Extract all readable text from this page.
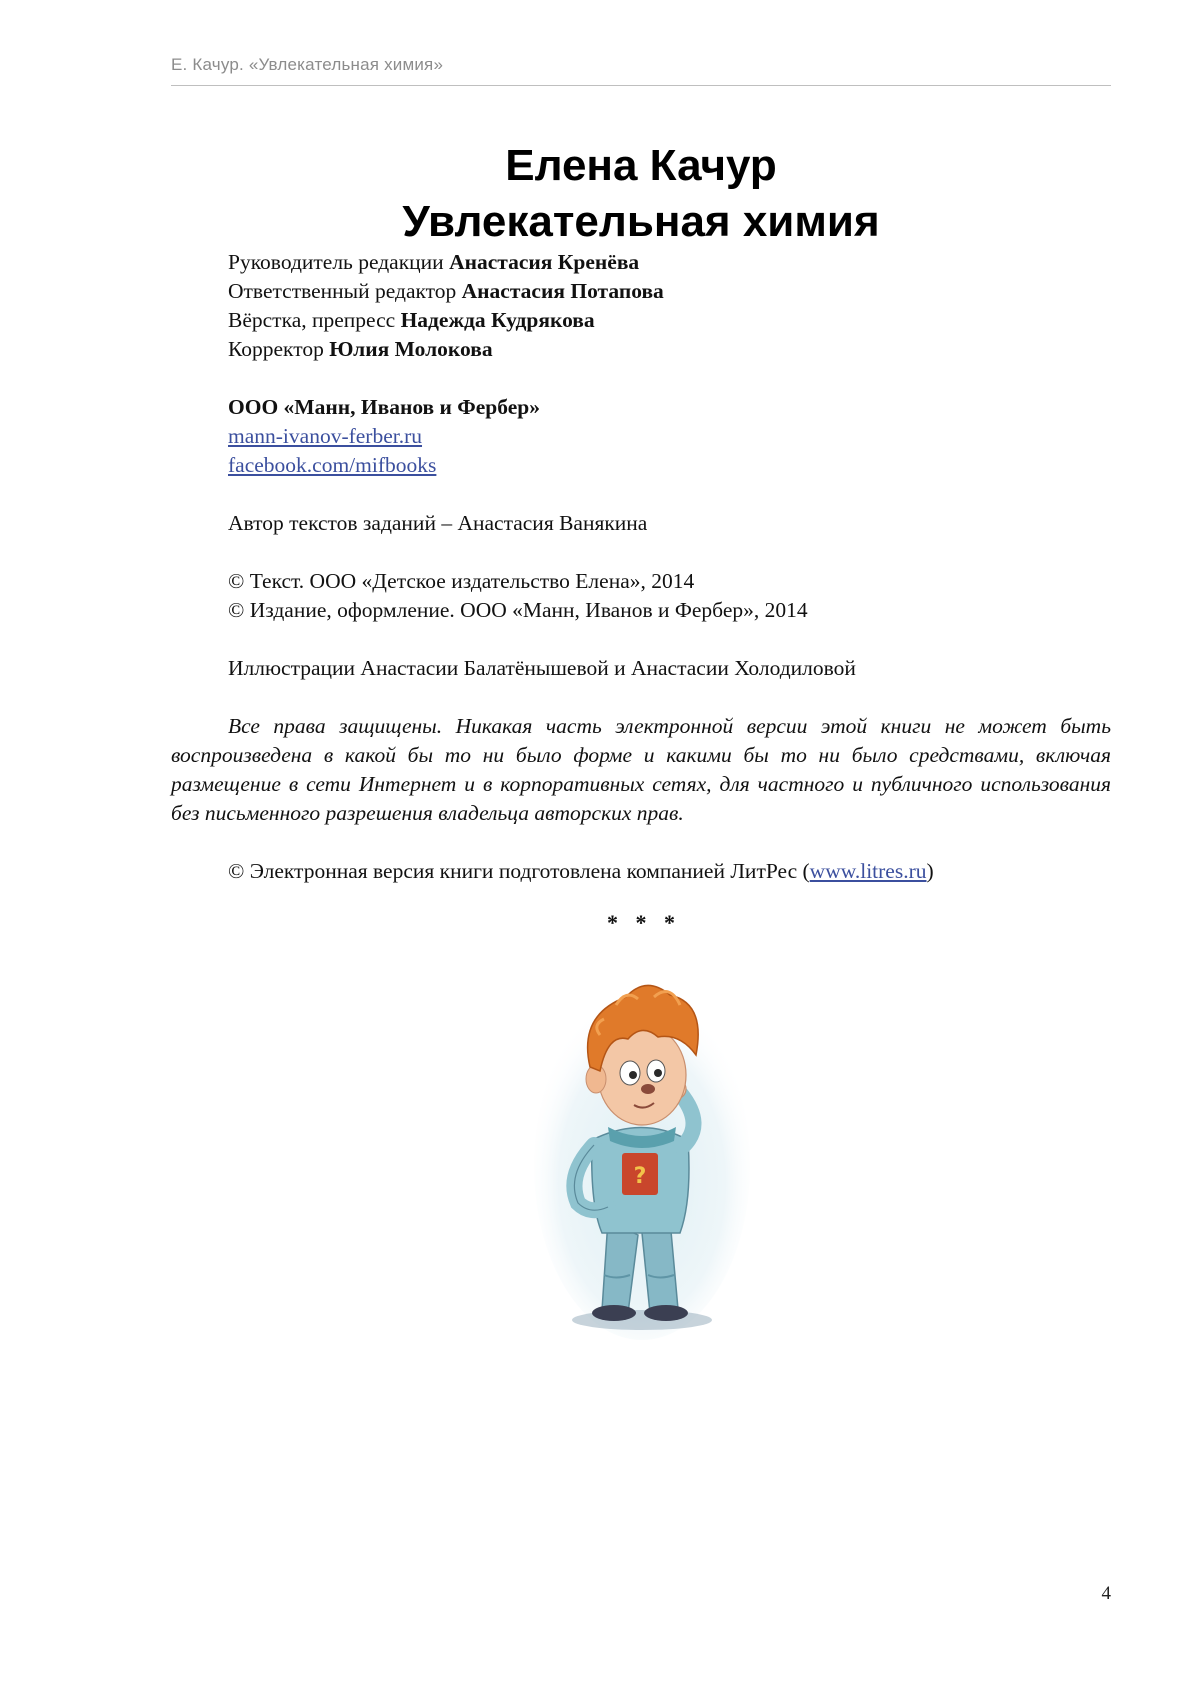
Е. Качур. «Увлекательная химия»
Елена Качур
Увлекательная химия
Руководитель редакции Анастасия Кренёва
Ответственный редактор Анастасия Потапова
Вёрстка, препресс Надежда Кудрякова
Корректор Юлия Молокова
ООО «Манн, Иванов и Фербер»
mann-ivanov-ferber.ru
facebook.com/mifbooks
Автор текстов заданий – Анастасия Ванякина
© Текст. ООО «Детское издательство Елена», 2014
© Издание, оформление. ООО «Манн, Иванов и Фербер», 2014
Иллюстрации Анастасии Балатёнышевой и Анастасии Холодиловой
Все права защищены. Никакая часть электронной версии этой книги не может быть воспроизведена в какой бы то ни было форме и какими бы то ни было средствами, включая размещение в сети Интернет и в корпоративных сетях, для частного и публичного использования без письменного разрешения владельца авторских прав.
© Электронная версия книги подготовлена компанией ЛитРес (www.litres.ru)
* * *
?
4
